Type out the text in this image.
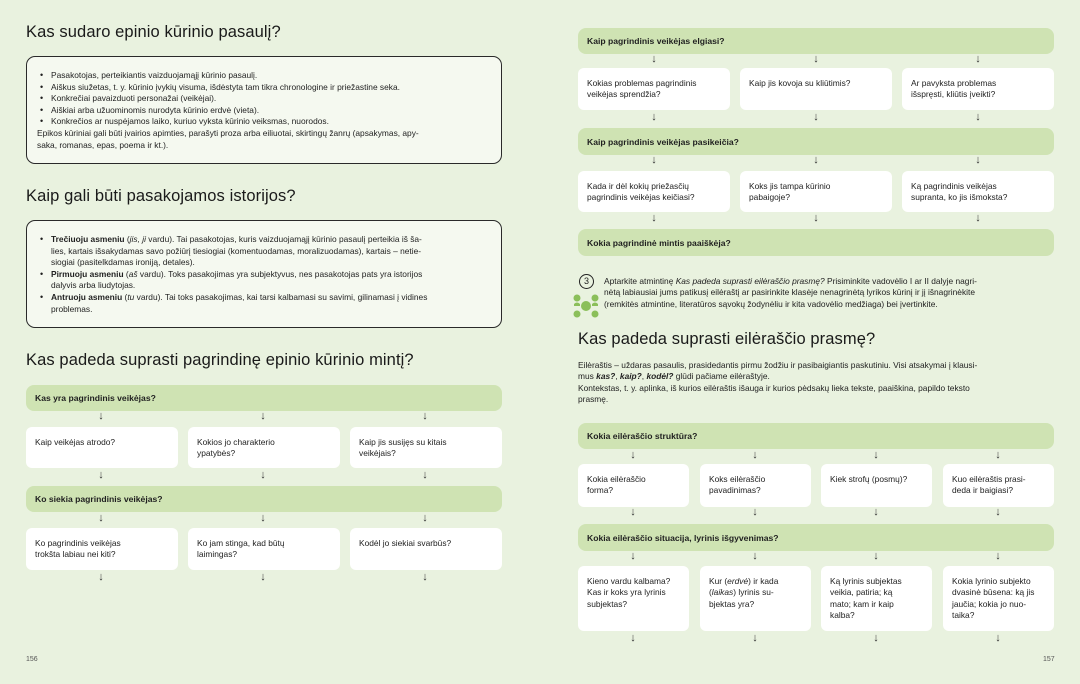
Kas sudaro epinio kūrinio pasaulį?
• Pasakotojas, perteikiantis vaizduojamąjį kūrinio pasaulį.
• Aiškus siužetas, t. y. kūrinio įvykių visuma, išdėstyta tam tikra chronologine ir priežastine seka.
• Konkrečiai pavaizduoti personažai (veikėjai).
• Aiškiai arba užuominomis nurodyta kūrinio erdvė (vieta).
• Konkrečios ar nuspėjamos laiko, kuriuo vyksta kūrinio veiksmas, nuorodos.
Epikos kūriniai gali būti įvairios apimties, parašyti proza arba eiliuotai, skirtingų žanrų (apsakymas, apy-
saka, romanas, epas, poema ir kt.).
Kaip gali būti pasakojamos istorijos?
• Trečiuoju asmeniu (jis, ji vardu). Tai pasakotojas, kuris vaizduojamąjį kūrinio pasaulį perteikia iš ša-
lies, kartais išsakydamas savo požiūrį tiesiogiai (komentuodamas, moralizuodamas), kartais – netie-
siogiai (pasitelkdamas ironiją, detales).
• Pirmuoju asmeniu (aš vardu). Toks pasakojimas yra subjektyvus, nes pasakotojas pats yra istorijos
dalyvis arba liudytojas.
• Antruoju asmeniu (tu vardu). Tai toks pasakojimas, kai tarsi kalbamasi su savimi, gilinamasi į vidines
problemas.
Kas padeda suprasti pagrindinę epinio kūrinio mintį?
Kas yra pagrindinis veikėjas?
↓	↓	↓
Kaip veikėjas atrodo?	Kokios jo charakterio
ypatybės?
Kaip jis susijęs su kitais
veikėjais?
↓	↓	↓
Ko siekia pagrindinis veikėjas?
↓	↓	↓
Ko pagrindinis veikėjas
trokšta labiau nei kiti?
Ko jam stinga, kad būtų
laimingas?
Kodėl jo siekiai svarbūs?
↓	↓	↓
156
Kaip pagrindinis veikėjas elgiasi?
↓	↓	↓
Kokias problemas pagrindinis
veikėjas sprendžia?
Kaip jis kovoja su kliūtimis?	Ar pavyksta problemas
išspręsti, kliūtis įveikti?
↓	↓	↓
Kaip pagrindinis veikėjas pasikeičia?
↓	↓	↓
Kada ir dėl kokių priežasčių
pagrindinis veikėjas keičiasi?
Koks jis tampa kūrinio
pabaigoje?
Ką pagrindinis veikėjas
supranta, ko jis išmoksta?
↓	↓	↓
Kokia pagrindinė mintis paaiškėja?
3	Aptarkite atmintinę Kas padeda suprasti eilėraščio prasmę? Prisiminkite vadovėlio I ar II dalyje nagri-
nėtą labiausiai jums patikusį eilėraštį ar pasirinkite klasėje nenagrinėtą lyrikos kūrinį ir jį išnagrinėkite
(remkitės atmintine, literatūros sąvokų žodynėliu ir kita vadovėlio medžiaga) bei įvertinkite.
Kas padeda suprasti eilėraščio prasmę?
Eilėraštis – uždaras pasaulis, prasidedantis pirmu žodžiu ir pasibaigiantis paskutiniu. Visi atsakymai į klausi-
mus kas?, kaip?, kodėl? glūdi pačiame eilėraštyje.
Kontekstas, t. y. aplinka, iš kurios eilėraštis išauga ir kurios pėdsakų lieka tekste, paaiškina, papildo teksto
prasmę.
Kokia eilėraščio struktūra?
↓	↓	↓	↓
Kokia eilėraščio
forma?
Koks eilėraščio
pavadinimas?
Kiek strofų (posmų)?	Kuo eilėraštis prasi-
deda ir baigiasi?
↓	↓	↓	↓
Kokia eilėraščio situacija, lyrinis išgyvenimas?
↓	↓	↓	↓
Kieno vardu kalbama?
Kas ir koks yra lyrinis
subjektas?
Kur (erdvė) ir kada
(laikas) lyrinis su-
bjektas yra?
Ką lyrinis subjektas
veikia, patiria; ką
mato; kam ir kaip
kalba?
Kokia lyrinio subjekto
dvasinė būsena: ką jis
jaučia; kokia jo nuo-
taika?
↓	↓	↓	↓
157
